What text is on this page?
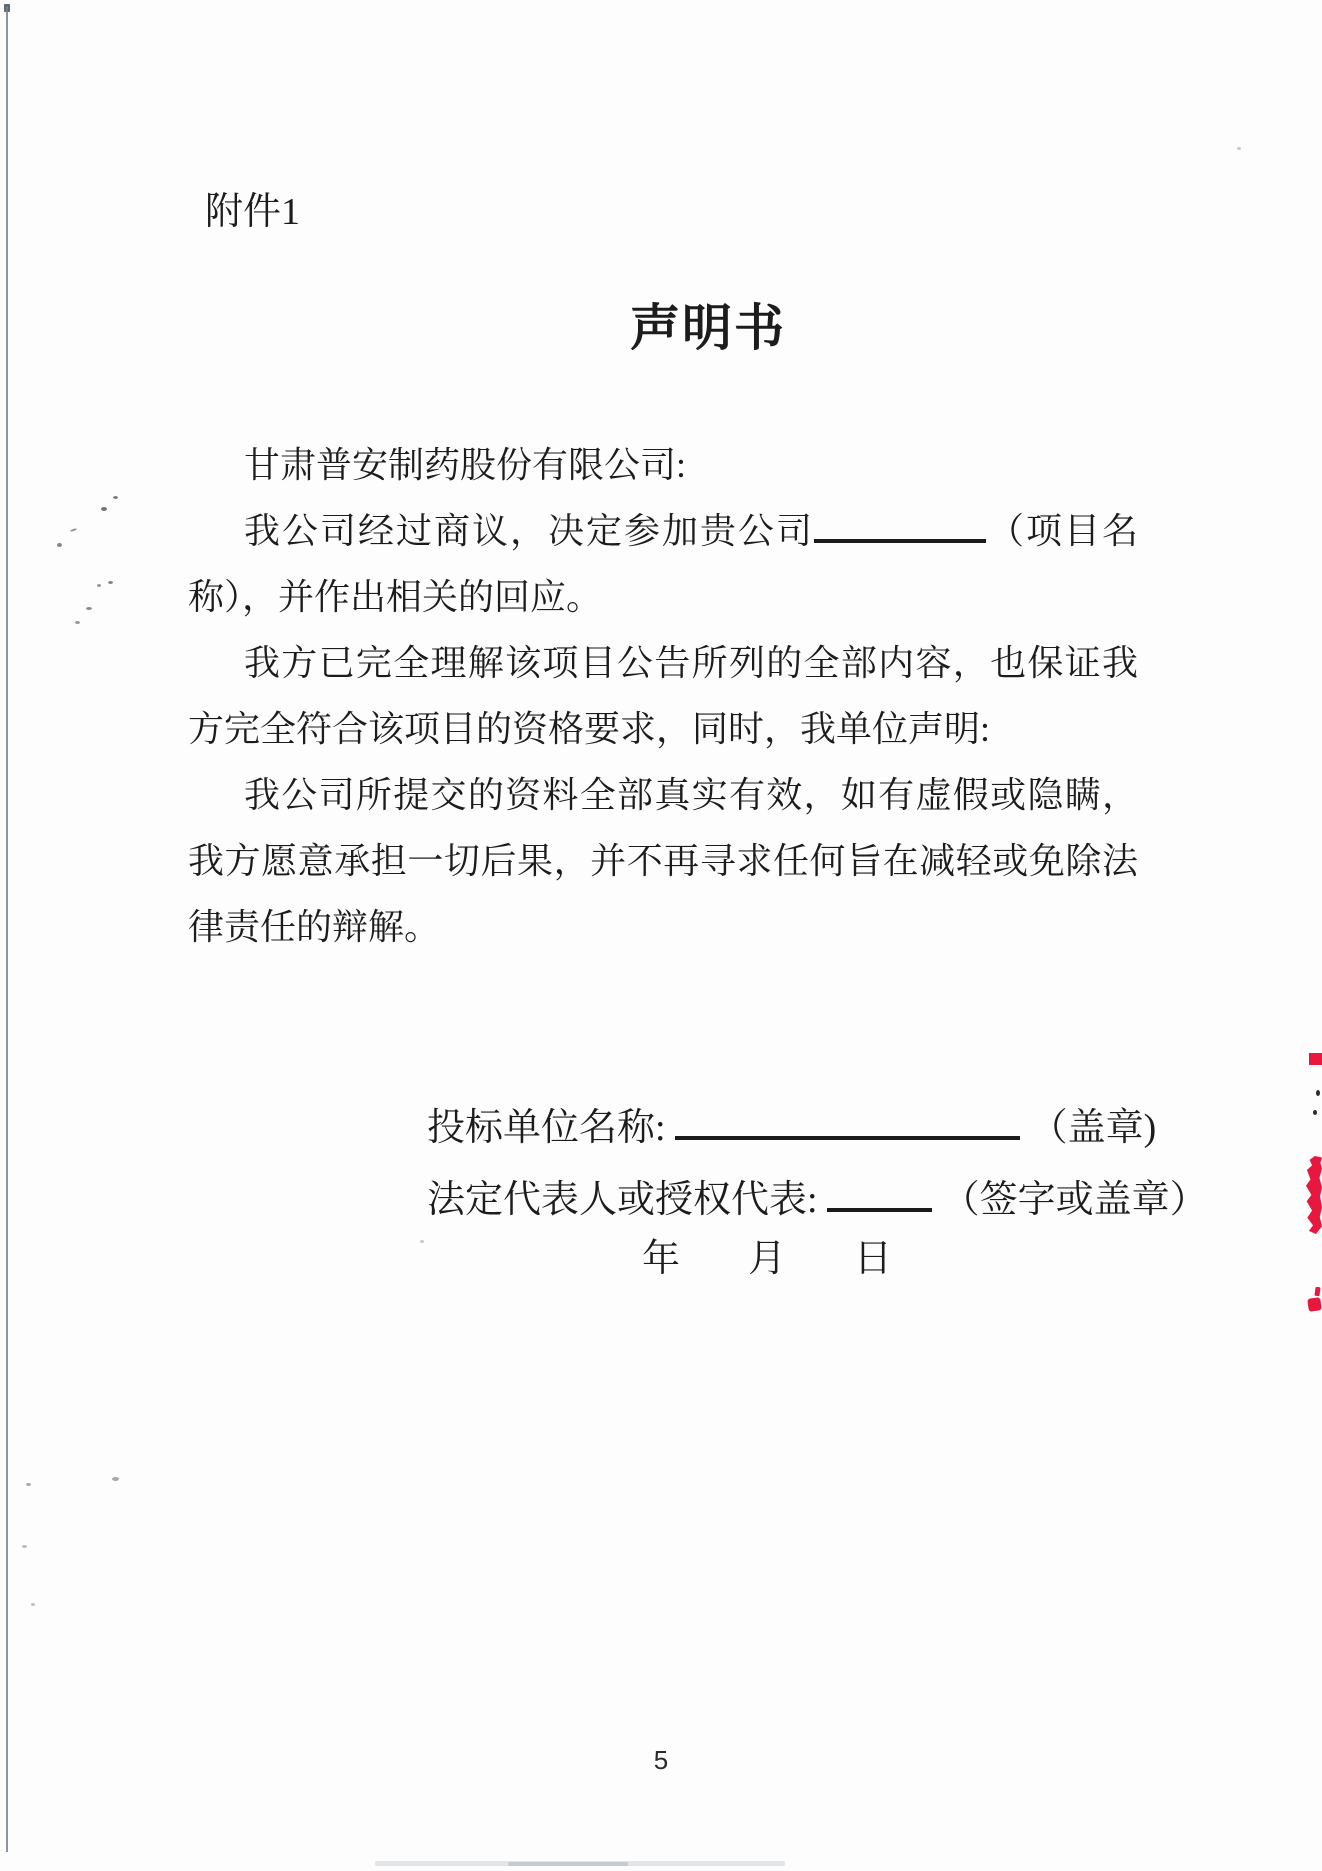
附件1
声明书
甘肃普安制药股份有限公司:
我公司经过商议，决定参加贵公司	（项目名
称），并作出相关的回应。
我方已完全理解该项目公告所列的全部内容，也保证我
方完全符合该项目的资格要求，同时，我单位声明:
我公司所提交的资料全部真实有效，如有虚假或隐瞒，
我方愿意承担一切后果，并不再寻求任何旨在减轻或免除法
律责任的辩解。
投标单位名称:	（盖章)
法定代表人或授权代表:	（签字或盖章）
年 月 日
5
